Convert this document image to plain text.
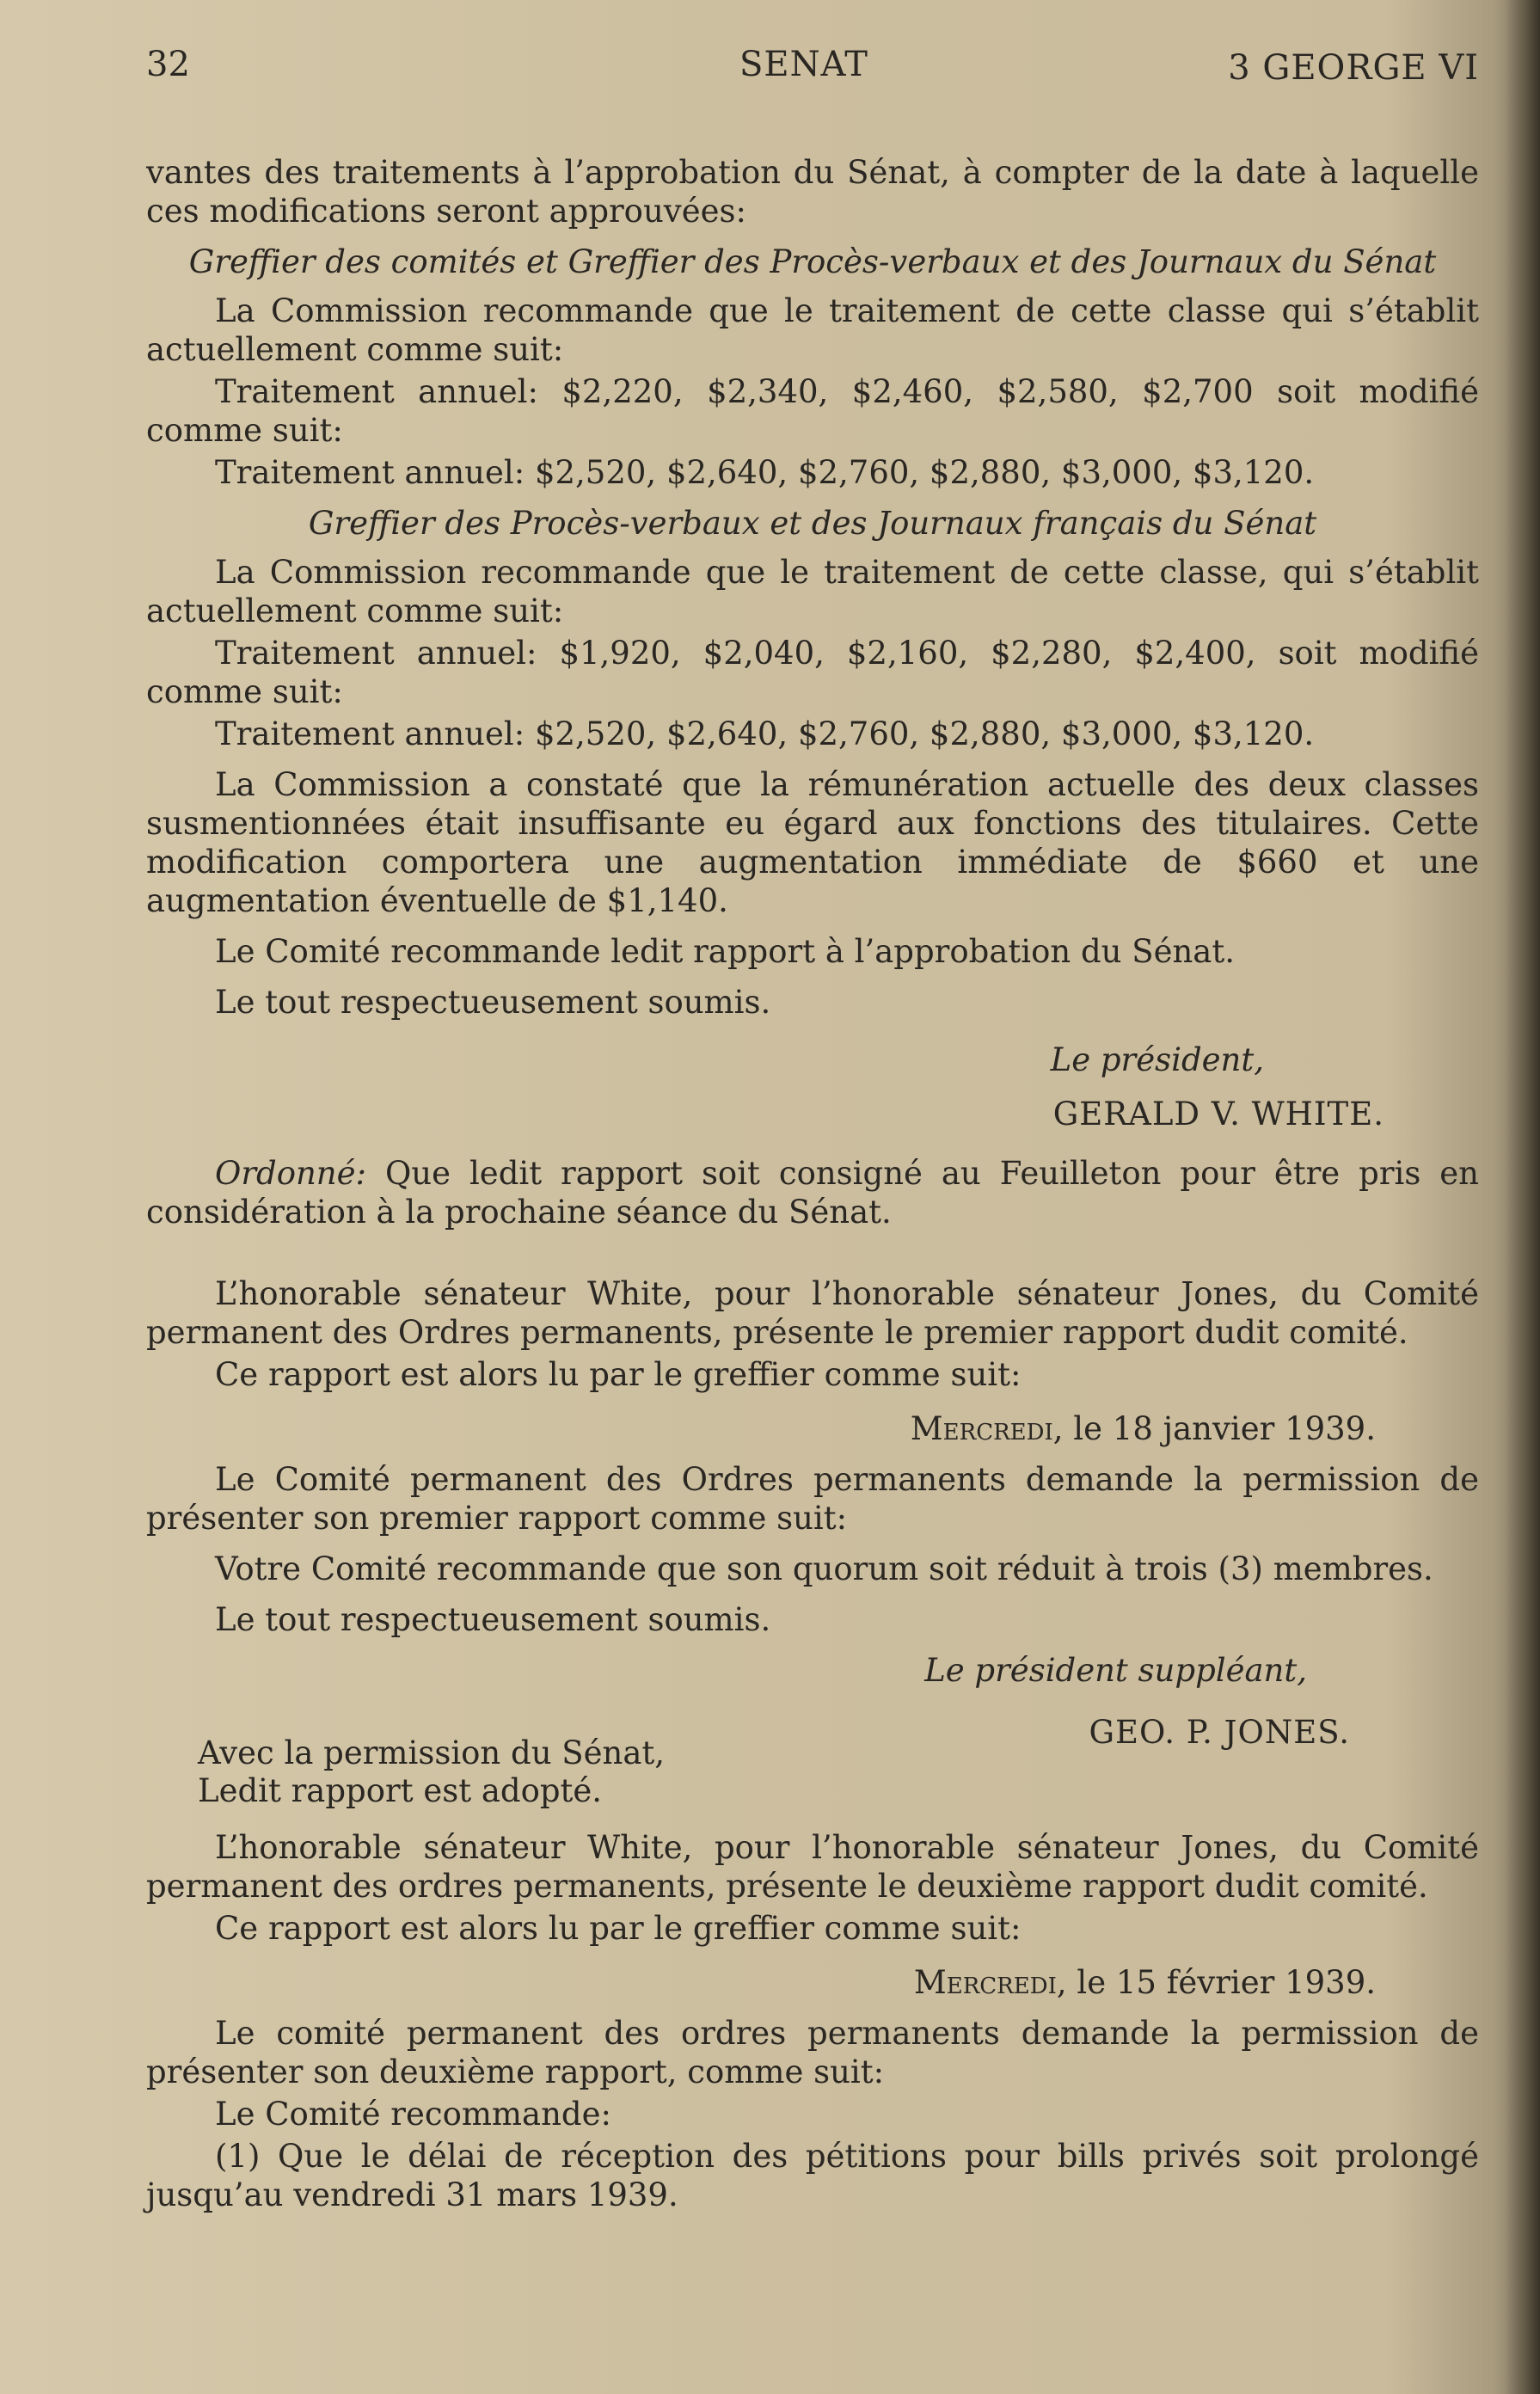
32	SENAT	3 GEORGE VI

vantes des traitements à l’approbation du Sénat, à compter de la date à laquelle ces modifications seront approuvées:

Greffier des comités et Greffier des Procès-verbaux et des Journaux du Sénat

La Commission recommande que le traitement de cette classe qui s’établit actuellement comme suit:

Traitement annuel: $2,220, $2,340, $2,460, $2,580, $2,700 soit modifié comme suit:

Traitement annuel: $2,520, $2,640, $2,760, $2,880, $3,000, $3,120.

Greffier des Procès-verbaux et des Journaux français du Sénat

La Commission recommande que le traitement de cette classe, qui s’établit actuellement comme suit:

Traitement annuel: $1,920, $2,040, $2,160, $2,280, $2,400, soit modifié comme suit:

Traitement annuel: $2,520, $2,640, $2,760, $2,880, $3,000, $3,120.

La Commission a constaté que la rémunération actuelle des deux classes susmentionnées était insuffisante eu égard aux fonctions des titulaires. Cette modification comportera une augmentation immédiate de $660 et une augmentation éventuelle de $1,140.

Le Comité recommande ledit rapport à l’approbation du Sénat.

Le tout respectueusement soumis.

Le président,
GERALD V. WHITE.

Ordonné: Que ledit rapport soit consigné au Feuilleton pour être pris en considération à la prochaine séance du Sénat.

L’honorable sénateur White, pour l’honorable sénateur Jones, du Comité permanent des Ordres permanents, présente le premier rapport dudit comité.

Ce rapport est alors lu par le greffier comme suit:

Mercredi, le 18 janvier 1939.

Le Comité permanent des Ordres permanents demande la permission de présenter son premier rapport comme suit:

Votre Comité recommande que son quorum soit réduit à trois (3) membres.

Le tout respectueusement soumis.

Le président suppléant,
GEO. P. JONES.
Avec la permission du Sénat,
Ledit rapport est adopté.

L’honorable sénateur White, pour l’honorable sénateur Jones, du Comité permanent des ordres permanents, présente le deuxième rapport dudit comité.

Ce rapport est alors lu par le greffier comme suit:

Mercredi, le 15 février 1939.

Le comité permanent des ordres permanents demande la permission de présenter son deuxième rapport, comme suit:

Le Comité recommande:

(1) Que le délai de réception des pétitions pour bills privés soit prolongé jusqu’au vendredi 31 mars 1939.
